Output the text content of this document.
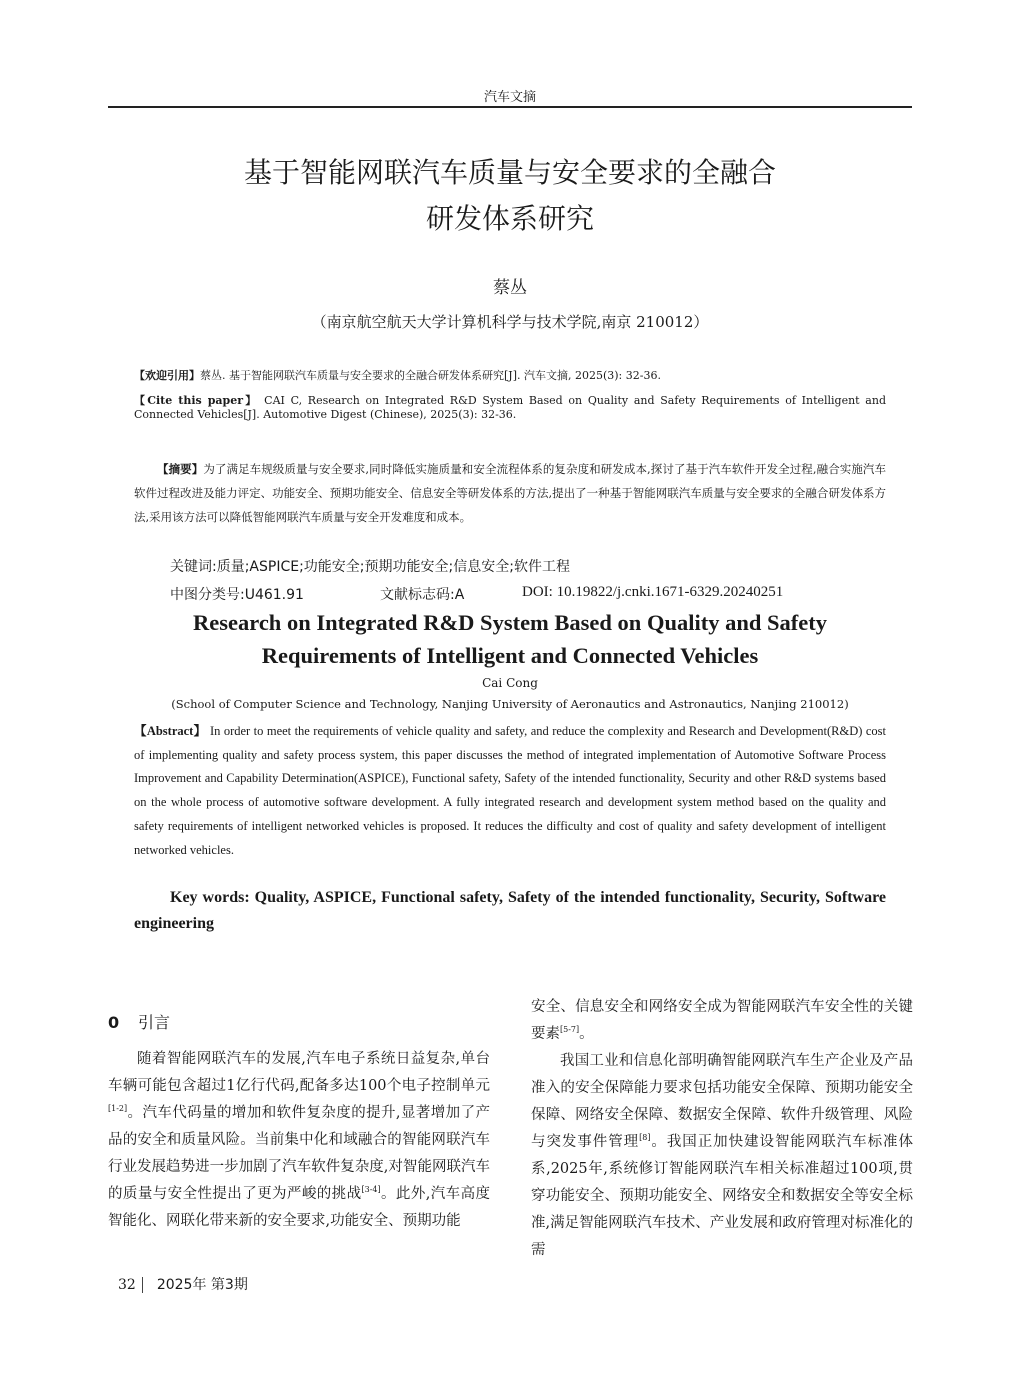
汽车文摘
基于智能网联汽车质量与安全要求的全融合
研发体系研究
蔡丛
（南京航空航天大学计算机科学与技术学院,南京 210012）
【欢迎引用】蔡丛. 基于智能网联汽车质量与安全要求的全融合研发体系研究[J]. 汽车文摘, 2025(3): 32-36.
【Cite this paper】 CAI C, Research on Integrated R&D System Based on Quality and Safety Requirements of Intelligent and Connected Vehicles[J]. Automotive Digest (Chinese), 2025(3): 32-36.
【摘要】为了满足车规级质量与安全要求,同时降低实施质量和安全流程体系的复杂度和研发成本,探讨了基于汽车软件开发全过程,融合实施汽车软件过程改进及能力评定、功能安全、预期功能安全、信息安全等研发体系的方法,提出了一种基于智能网联汽车质量与安全要求的全融合研发体系方法,采用该方法可以降低智能网联汽车质量与安全开发难度和成本。
关键词:质量;ASPICE;功能安全;预期功能安全;信息安全;软件工程
中图分类号:U461.91	文献标志码:A	DOI: 10.19822/j.cnki.1671-6329.20240251
Research on Integrated R&D System Based on Quality and Safety
Requirements of Intelligent and Connected Vehicles
Cai Cong
(School of Computer Science and Technology, Nanjing University of Aeronautics and Astronautics, Nanjing 210012)
【Abstract】 In order to meet the requirements of vehicle quality and safety, and reduce the complexity and Research and Development(R&D) cost of implementing quality and safety process system, this paper discusses the method of integrated implementation of Automotive Software Process Improvement and Capability Determination(ASPICE), Functional safety, Safety of the intended functionality, Security and other R&D systems based on the whole process of automotive software development. A fully integrated research and development system method based on the quality and safety requirements of intelligent networked vehicles is proposed. It reduces the difficulty and cost of quality and safety development of intelligent networked vehicles.
Key words: Quality, ASPICE, Functional safety, Safety of the intended functionality, Security, Software engineering
0 引言

随着智能网联汽车的发展,汽车电子系统日益复杂,单台车辆可能包含超过1亿行代码,配备多达100个电子控制单元[1-2]。汽车代码量的增加和软件复杂度的提升,显著增加了产品的安全和质量风险。当前集中化和域融合的智能网联汽车行业发展趋势进一步加剧了汽车软件复杂度,对智能网联汽车的质量与安全性提出了更为严峻的挑战[3-4]。此外,汽车高度智能化、网联化带来新的安全要求,功能安全、预期功能

安全、信息安全和网络安全成为智能网联汽车安全性的关键要素[5-7]。

我国工业和信息化部明确智能网联汽车生产企业及产品准入的安全保障能力要求包括功能安全保障、预期功能安全保障、网络安全保障、数据安全保障、软件升级管理、风险与突发事件管理[8]。我国正加快建设智能网联汽车标准体系,2025年,系统修订智能网联汽车相关标准超过100项,贯穿功能安全、预期功能安全、网络安全和数据安全等安全标准,满足智能网联汽车技术、产业发展和政府管理对标准化的需

32 2025年 第3期
